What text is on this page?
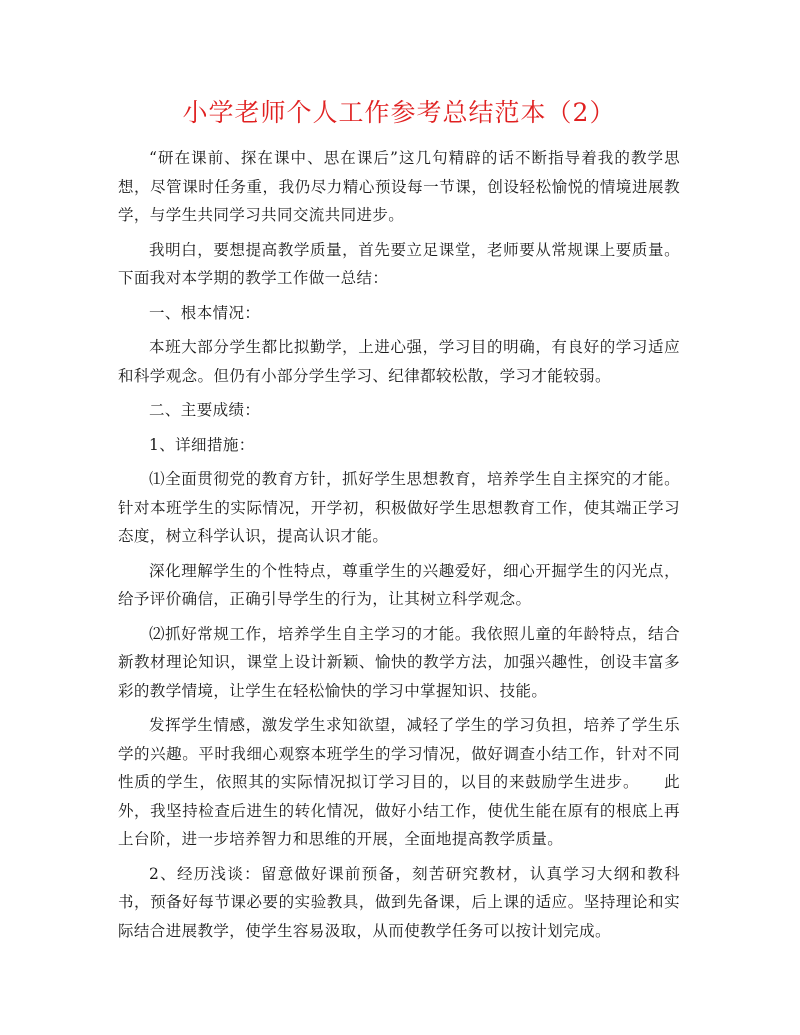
小学老师个人工作参考总结范本（2）

“研在课前、探在课中、思在课后”这几句精辟的话不断指导着我的教学思想，尽管课时任务重，我仍尽力精心预设每一节课，创设轻松愉悦的情境进展教学，与学生共同学习共同交流共同进步。

我明白，要想提高教学质量，首先要立足课堂，老师要从常规课上要质量。下面我对本学期的教学工作做一总结：

一、根本情况：

本班大部分学生都比拟勤学，上进心强，学习目的明确，有良好的学习适应和科学观念。但仍有小部分学生学习、纪律都较松散，学习才能较弱。

二、主要成绩：

1、详细措施：

⑴全面贯彻党的教育方针，抓好学生思想教育，培养学生自主探究的才能。针对本班学生的实际情况，开学初，积极做好学生思想教育工作，使其端正学习态度，树立科学认识，提高认识才能。

深化理解学生的个性特点，尊重学生的兴趣爱好，细心开掘学生的闪光点，给予评价确信，正确引导学生的行为，让其树立科学观念。

⑵抓好常规工作，培养学生自主学习的才能。我依照儿童的年龄特点，结合新教材理论知识，课堂上设计新颖、愉快的教学方法，加强兴趣性，创设丰富多彩的教学情境，让学生在轻松愉快的学习中掌握知识、技能。

发挥学生情感，激发学生求知欲望，减轻了学生的学习负担，培养了学生乐学的兴趣。平时我细心观察本班学生的学习情况，做好调查小结工作，针对不同性质的学生，依照其的实际情况拟订学习目的，以目的来鼓励学生进步。　　此外，我坚持检查后进生的转化情况，做好小结工作，使优生能在原有的根底上再上台阶，进一步培养智力和思维的开展，全面地提高教学质量。

2、经历浅谈：留意做好课前预备，刻苦研究教材，认真学习大纲和教科书，预备好每节课必要的实验教具，做到先备课，后上课的适应。坚持理论和实际结合进展教学，使学生容易汲取，从而使教学任务可以按计划完成。
